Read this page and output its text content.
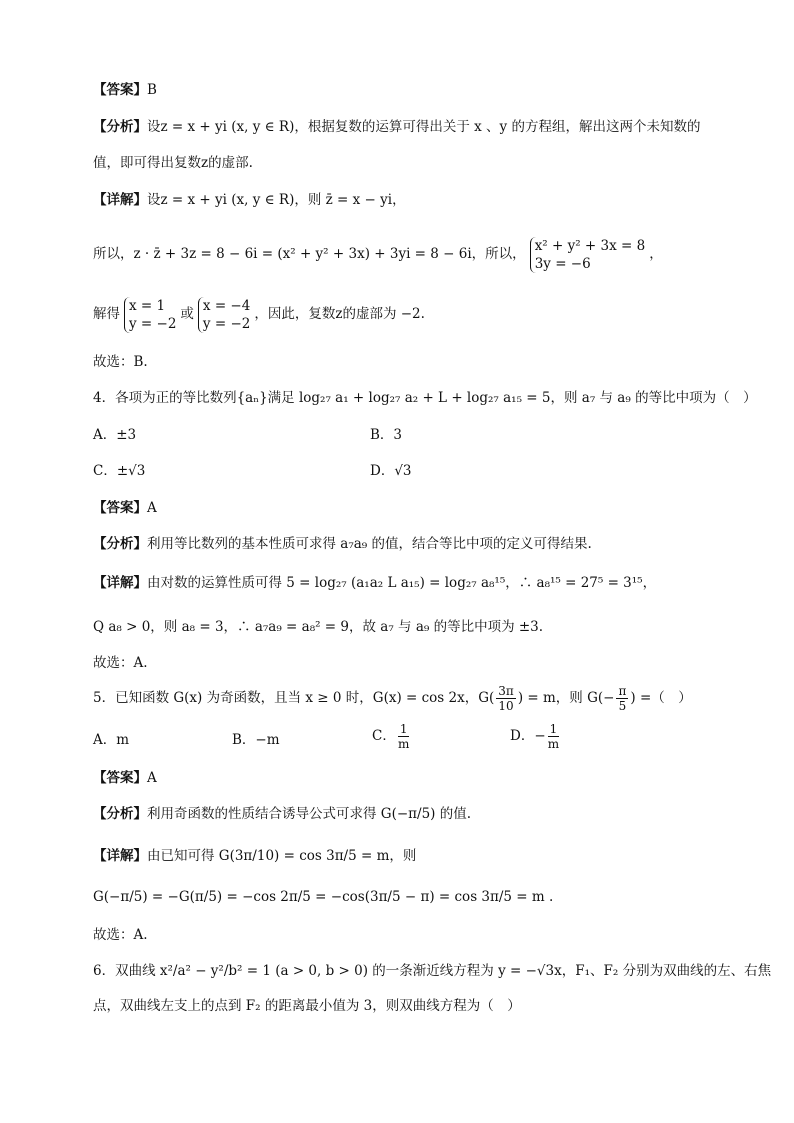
【答案】B
【分析】设z = x + yi (x, y ∈ R)，根据复数的运算可得出关于 x 、y 的方程组，解出这两个未知数的
值，即可得出复数z的虚部.
【详解】设z = x + yi (x, y ∈ R)，则 z̄ = x − yi，
所以，z · z̄ + 3z = 8 − 6i = (x² + y² + 3x) + 3yi = 8 − 6i，所以，
x² + y² + 3x = 8
3y = −6
，
解得
x = 1
y = −2
或
x = −4
y = −2
，因此，复数z的虚部为 −2.
故选：B.
4．各项为正的等比数列{aₙ}满足 log₂₇ a₁ + log₂₇ a₂ + L + log₂₇ a₁₅ = 5，则 a₇ 与 a₉ 的等比中项为（　）
A．±3	B．3
C．±√3	D．√3
【答案】A
【分析】利用等比数列的基本性质可求得 a₇a₉ 的值，结合等比中项的定义可得结果.
【详解】由对数的运算性质可得 5 = log₂₇ (a₁a₂ L a₁₅) = log₂₇ a₈¹⁵，∴ a₈¹⁵ = 27⁵ = 3¹⁵，
Q a₈ > 0，则 a₈ = 3，∴ a₇a₉ = a₈² = 9，故 a₇ 与 a₉ 的等比中项为 ±3.
故选：A.
5．已知函数 G(x) 为奇函数，且当 x ≥ 0 时，G(x) = cos 2x，$G( \frac{3\pi}{10}$ ) = m，则 $G(- \frac{\pi}{5}$ ) =（　）
A．m	B．−m	C． $\frac{1}{m}$	D．− $\frac{1}{m}$
【答案】A
【分析】利用奇函数的性质结合诱导公式可求得 G(−π/5) 的值.
【详解】由已知可得 G(3π/10) = cos 3π/5 = m，则
G(−π/5) = −G(π/5) = −cos 2π/5 = −cos(3π/5 − π) = cos 3π/5 = m .
故选：A.
6．双曲线 x²/a² − y²/b² = 1 (a > 0, b > 0) 的一条渐近线方程为 y = −√3x，F₁、F₂ 分别为双曲线的左、右焦
点，双曲线左支上的点到 F₂ 的距离最小值为 3，则双曲线方程为（　）
